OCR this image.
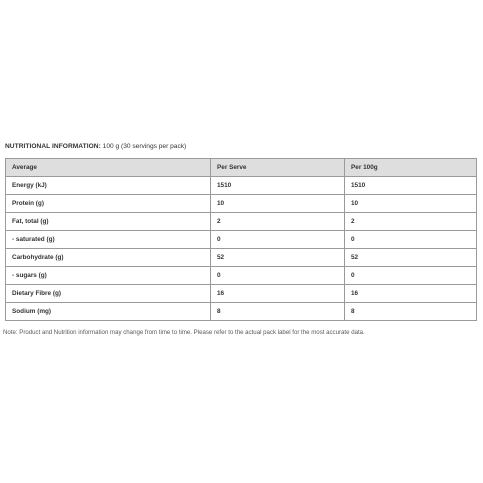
NUTRITIONAL INFORMATION: 100 g (30 servings per pack)
Average	Per Serve	Per 100g
Energy (kJ)	1510	1510
Protein (g)	10	10
Fat, total (g)	2	2
- saturated (g)	0	0
Carbohydrate (g)	52	52
- sugars (g)	0	0
Dietary Fibre (g)	16	16
Sodium (mg)	8	8
Note: Product and Nutrition information may change from time to time. Please refer to the actual pack label for the most accurate data.
